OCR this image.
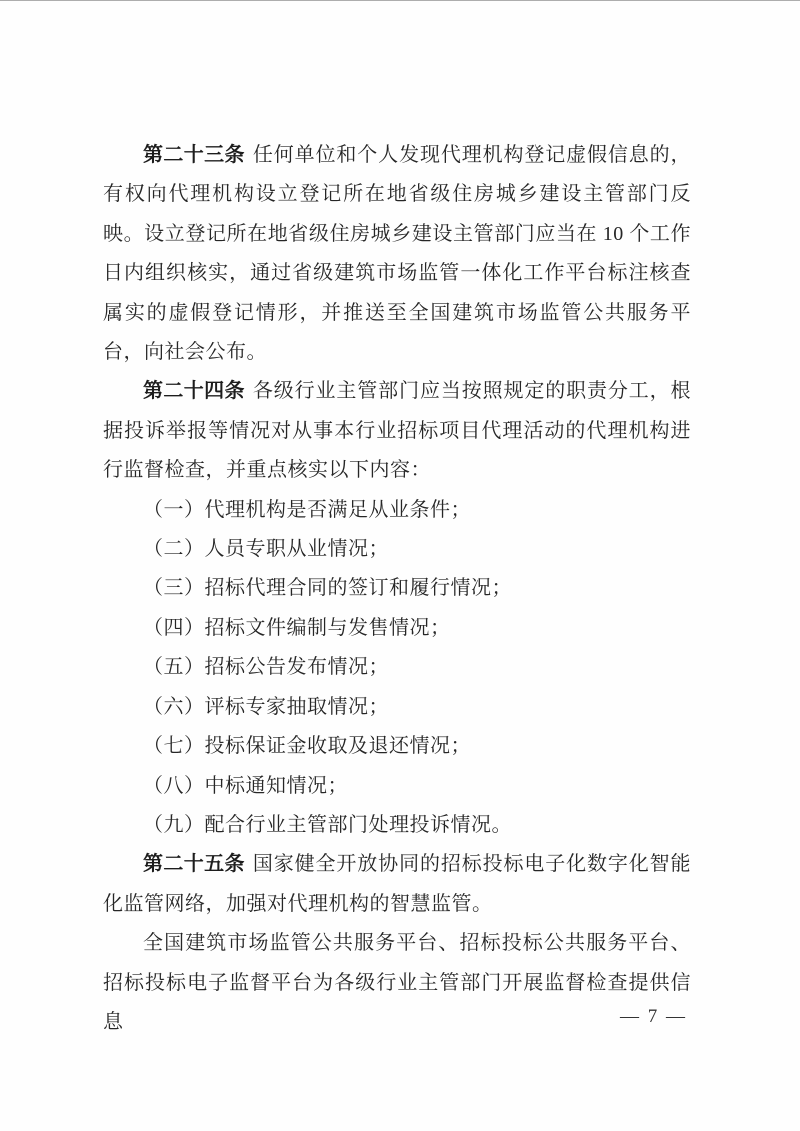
第二十三条 任何单位和个人发现代理机构登记虚假信息的，有权向代理机构设立登记所在地省级住房城乡建设主管部门反映。设立登记所在地省级住房城乡建设主管部门应当在 10 个工作日内组织核实，通过省级建筑市场监管一体化工作平台标注核查属实的虚假登记情形，并推送至全国建筑市场监管公共服务平台，向社会公布。

第二十四条 各级行业主管部门应当按照规定的职责分工，根据投诉举报等情况对从事本行业招标项目代理活动的代理机构进行监督检查，并重点核实以下内容：

（一）代理机构是否满足从业条件；

（二）人员专职从业情况；

（三）招标代理合同的签订和履行情况；

（四）招标文件编制与发售情况；

（五）招标公告发布情况；

（六）评标专家抽取情况；

（七）投标保证金收取及退还情况；

（八）中标通知情况；

（九）配合行业主管部门处理投诉情况。

第二十五条 国家健全开放协同的招标投标电子化数字化智能化监管网络，加强对代理机构的智慧监管。

全国建筑市场监管公共服务平台、招标投标公共服务平台、招标投标电子监督平台为各级行业主管部门开展监督检查提供信息	— 7 —
